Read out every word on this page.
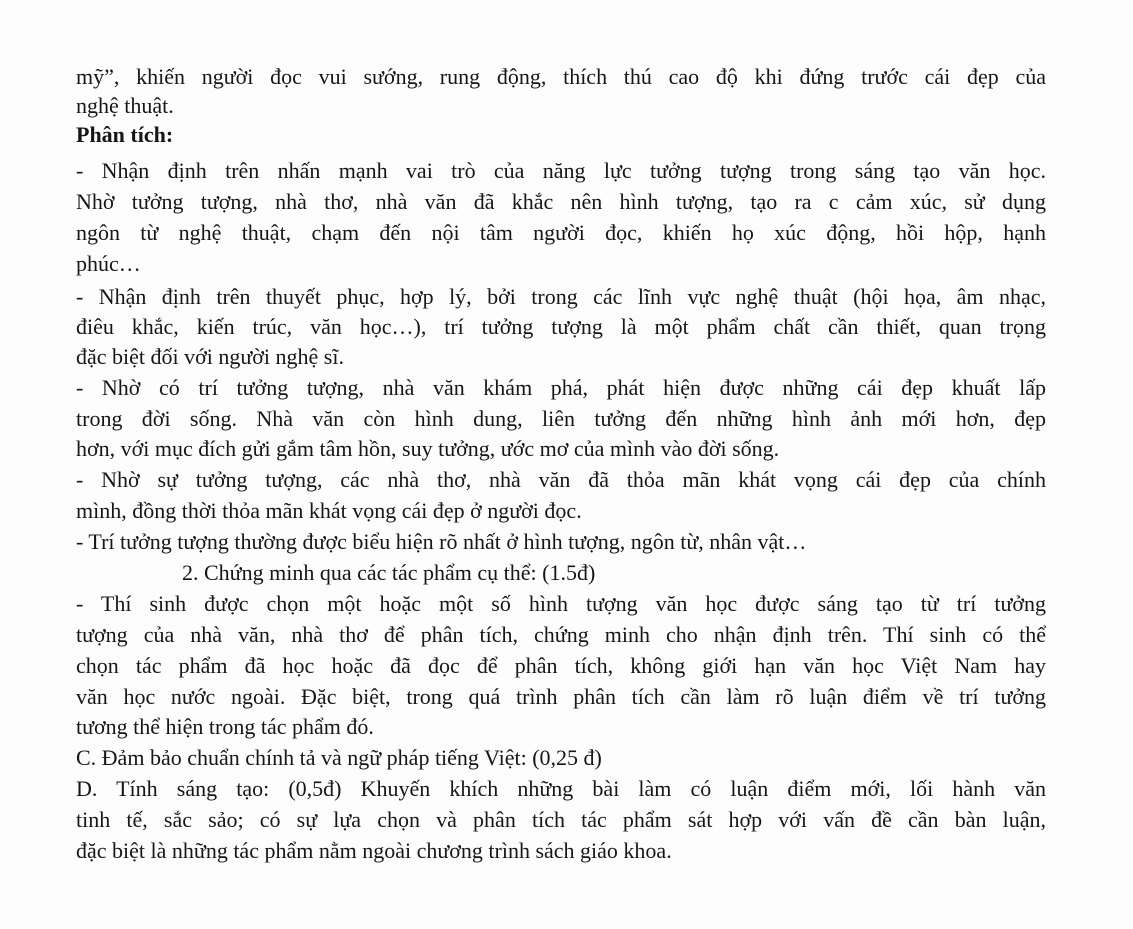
mỹ”, khiến người đọc vui sướng, rung động, thích thú cao độ khi đứng trước cái đẹp của
nghệ thuật.
Phân tích:
- Nhận định trên nhấn mạnh vai trò của năng lực tưởng tượng trong sáng tạo văn học.
Nhờ tưởng tượng, nhà thơ, nhà văn đã khắc nên hình tượng, tạo ra c cảm xúc, sử dụng
ngôn từ nghệ thuật, chạm đến nội tâm người đọc, khiến họ xúc động, hồi hộp, hạnh
phúc…
- Nhận định trên thuyết phục, hợp lý, bởi trong các lĩnh vực nghệ thuật (hội họa, âm nhạc,
điêu khắc, kiến trúc, văn học…), trí tưởng tượng là một phẩm chất cần thiết, quan trọng
đặc biệt đối với người nghệ sĩ.
- Nhờ có trí tưởng tượng, nhà văn khám phá, phát hiện được những cái đẹp khuất lấp
trong đời sống. Nhà văn còn hình dung, liên tưởng đến những hình ảnh mới hơn, đẹp
hơn, với mục đích gửi gắm tâm hồn, suy tưởng, ước mơ của mình vào đời sống.
- Nhờ sự tưởng tượng, các nhà thơ, nhà văn đã thỏa mãn khát vọng cái đẹp của chính
mình, đồng thời thỏa mãn khát vọng cái đẹp ở người đọc.
- Trí tưởng tượng thường được biểu hiện rõ nhất ở hình tượng, ngôn từ, nhân vật…
2. Chứng minh qua các tác phẩm cụ thể: (1.5đ)
- Thí sinh được chọn một hoặc một số hình tượng văn học được sáng tạo từ trí tưởng
tượng của nhà văn, nhà thơ để phân tích, chứng minh cho nhận định trên. Thí sinh có thể
chọn tác phẩm đã học hoặc đã đọc để phân tích, không giới hạn văn học Việt Nam hay
văn học nước ngoài. Đặc biệt, trong quá trình phân tích cần làm rõ luận điểm về trí tưởng
tương thể hiện trong tác phẩm đó.
C. Đảm bảo chuẩn chính tả và ngữ pháp tiếng Việt: (0,25 đ)
D. Tính sáng tạo: (0,5đ) Khuyến khích những bài làm có luận điểm mới, lối hành văn
tinh tế, sắc sảo; có sự lựa chọn và phân tích tác phẩm sát hợp với vấn đề cần bàn luận,
đặc biệt là những tác phẩm nằm ngoài chương trình sách giáo khoa.
